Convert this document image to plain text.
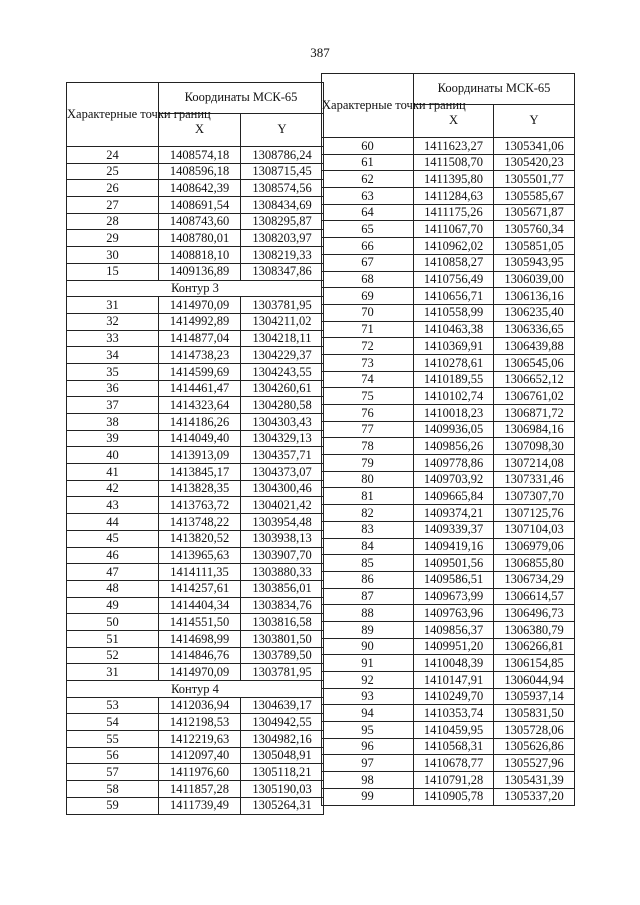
387
Характерные точки границ	Координаты МСК-65	
	X	Y
24	1408574,18	1308786,24
25	1408596,18	1308715,45
26	1408642,39	1308574,56
27	1408691,54	1308434,69
28	1408743,60	1308295,87
29	1408780,01	1308203,97
30	1408818,10	1308219,33
15	1409136,89	1308347,86
Контур 3		
31	1414970,09	1303781,95
32	1414992,89	1304211,02
33	1414877,04	1304218,11
34	1414738,23	1304229,37
35	1414599,69	1304243,55
36	1414461,47	1304260,61
37	1414323,64	1304280,58
38	1414186,26	1304303,43
39	1414049,40	1304329,13
40	1413913,09	1304357,71
41	1413845,17	1304373,07
42	1413828,35	1304300,46
43	1413763,72	1304021,42
44	1413748,22	1303954,48
45	1413820,52	1303938,13
46	1413965,63	1303907,70
47	1414111,35	1303880,33
48	1414257,61	1303856,01
49	1414404,34	1303834,76
50	1414551,50	1303816,58
51	1414698,99	1303801,50
52	1414846,76	1303789,50
31	1414970,09	1303781,95
Контур 4		
53	1412036,94	1304639,17
54	1412198,53	1304942,55
55	1412219,63	1304982,16
56	1412097,40	1305048,91
57	1411976,60	1305118,21
58	1411857,28	1305190,03
59	1411739,49	1305264,31
Характерные точки границ	Координаты МСК-65	
	X	Y
60	1411623,27	1305341,06
61	1411508,70	1305420,23
62	1411395,80	1305501,77
63	1411284,63	1305585,67
64	1411175,26	1305671,87
65	1411067,70	1305760,34
66	1410962,02	1305851,05
67	1410858,27	1305943,95
68	1410756,49	1306039,00
69	1410656,71	1306136,16
70	1410558,99	1306235,40
71	1410463,38	1306336,65
72	1410369,91	1306439,88
73	1410278,61	1306545,06
74	1410189,55	1306652,12
75	1410102,74	1306761,02
76	1410018,23	1306871,72
77	1409936,05	1306984,16
78	1409856,26	1307098,30
79	1409778,86	1307214,08
80	1409703,92	1307331,46
81	1409665,84	1307307,70
82	1409374,21	1307125,76
83	1409339,37	1307104,03
84	1409419,16	1306979,06
85	1409501,56	1306855,80
86	1409586,51	1306734,29
87	1409673,99	1306614,57
88	1409763,96	1306496,73
89	1409856,37	1306380,79
90	1409951,20	1306266,81
91	1410048,39	1306154,85
92	1410147,91	1306044,94
93	1410249,70	1305937,14
94	1410353,74	1305831,50
95	1410459,95	1305728,06
96	1410568,31	1305626,86
97	1410678,77	1305527,96
98	1410791,28	1305431,39
99	1410905,78	1305337,20
